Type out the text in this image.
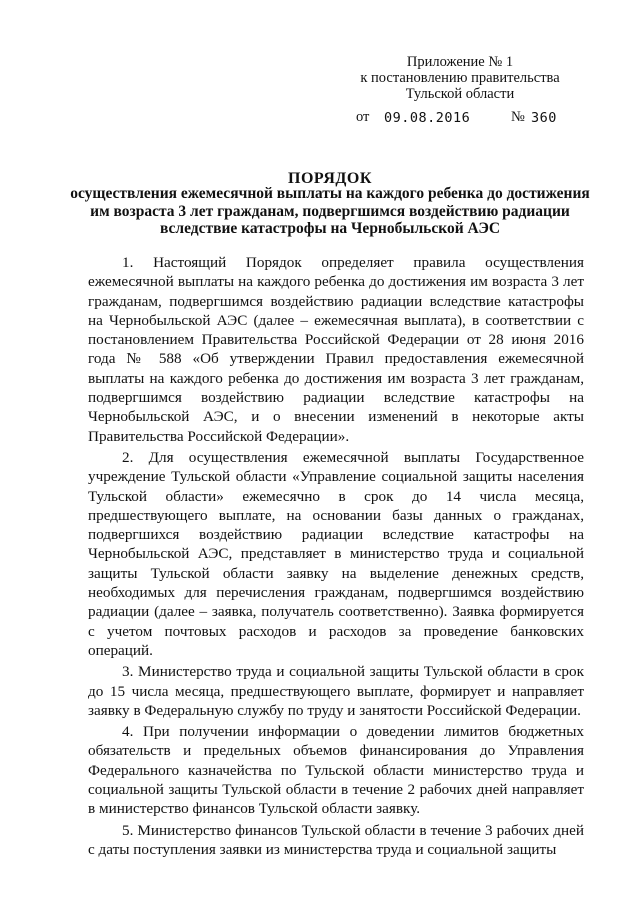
Приложение № 1
к постановлению правительства
Тульской области
от 09.08.2016	№ 360
ПОРЯДОК
осуществления ежемесячной выплаты на каждого ребенка до достижения им возраста 3 лет гражданам, подвергшимся воздействию радиации вследствие катастрофы на Чернобыльской АЭС

1. Настоящий Порядок определяет правила осуществления ежемесячной выплаты на каждого ребенка до достижения им возраста 3 лет гражданам, подвергшимся воздействию радиации вследствие катастрофы на Чернобыльской АЭС (далее – ежемесячная выплата), в соответствии с постановлением Правительства Российской Федерации от 28 июня 2016 года № 588 «Об утверждении Правил предоставления ежемесячной выплаты на каждого ребенка до достижения им возраста 3 лет гражданам, подвергшимся воздействию радиации вследствие катастрофы на Чернобыльской АЭС, и о внесении изменений в некоторые акты Правительства Российской Федерации».

2. Для осуществления ежемесячной выплаты Государственное учреждение Тульской области «Управление социальной защиты населения Тульской области» ежемесячно в срок до 14 числа месяца, предшествующего выплате, на основании базы данных о гражданах, подвергшихся воздействию радиации вследствие катастрофы на Чернобыльской АЭС, представляет в министерство труда и социальной защиты Тульской области заявку на выделение денежных средств, необходимых для перечисления гражданам, подвергшимся воздействию радиации (далее – заявка, получатель соответственно). Заявка формируется с учетом почтовых расходов и расходов за проведение банковских операций.

3. Министерство труда и социальной защиты Тульской области в срок до 15 числа месяца, предшествующего выплате, формирует и направляет заявку в Федеральную службу по труду и занятости Российской Федерации.

4. При получении информации о доведении лимитов бюджетных обязательств и предельных объемов финансирования до Управления Федерального казначейства по Тульской области министерство труда и социальной защиты Тульской области в течение 2 рабочих дней направляет в министерство финансов Тульской области заявку.

5. Министерство финансов Тульской области в течение 3 рабочих дней с даты поступления заявки из министерства труда и социальной защиты
